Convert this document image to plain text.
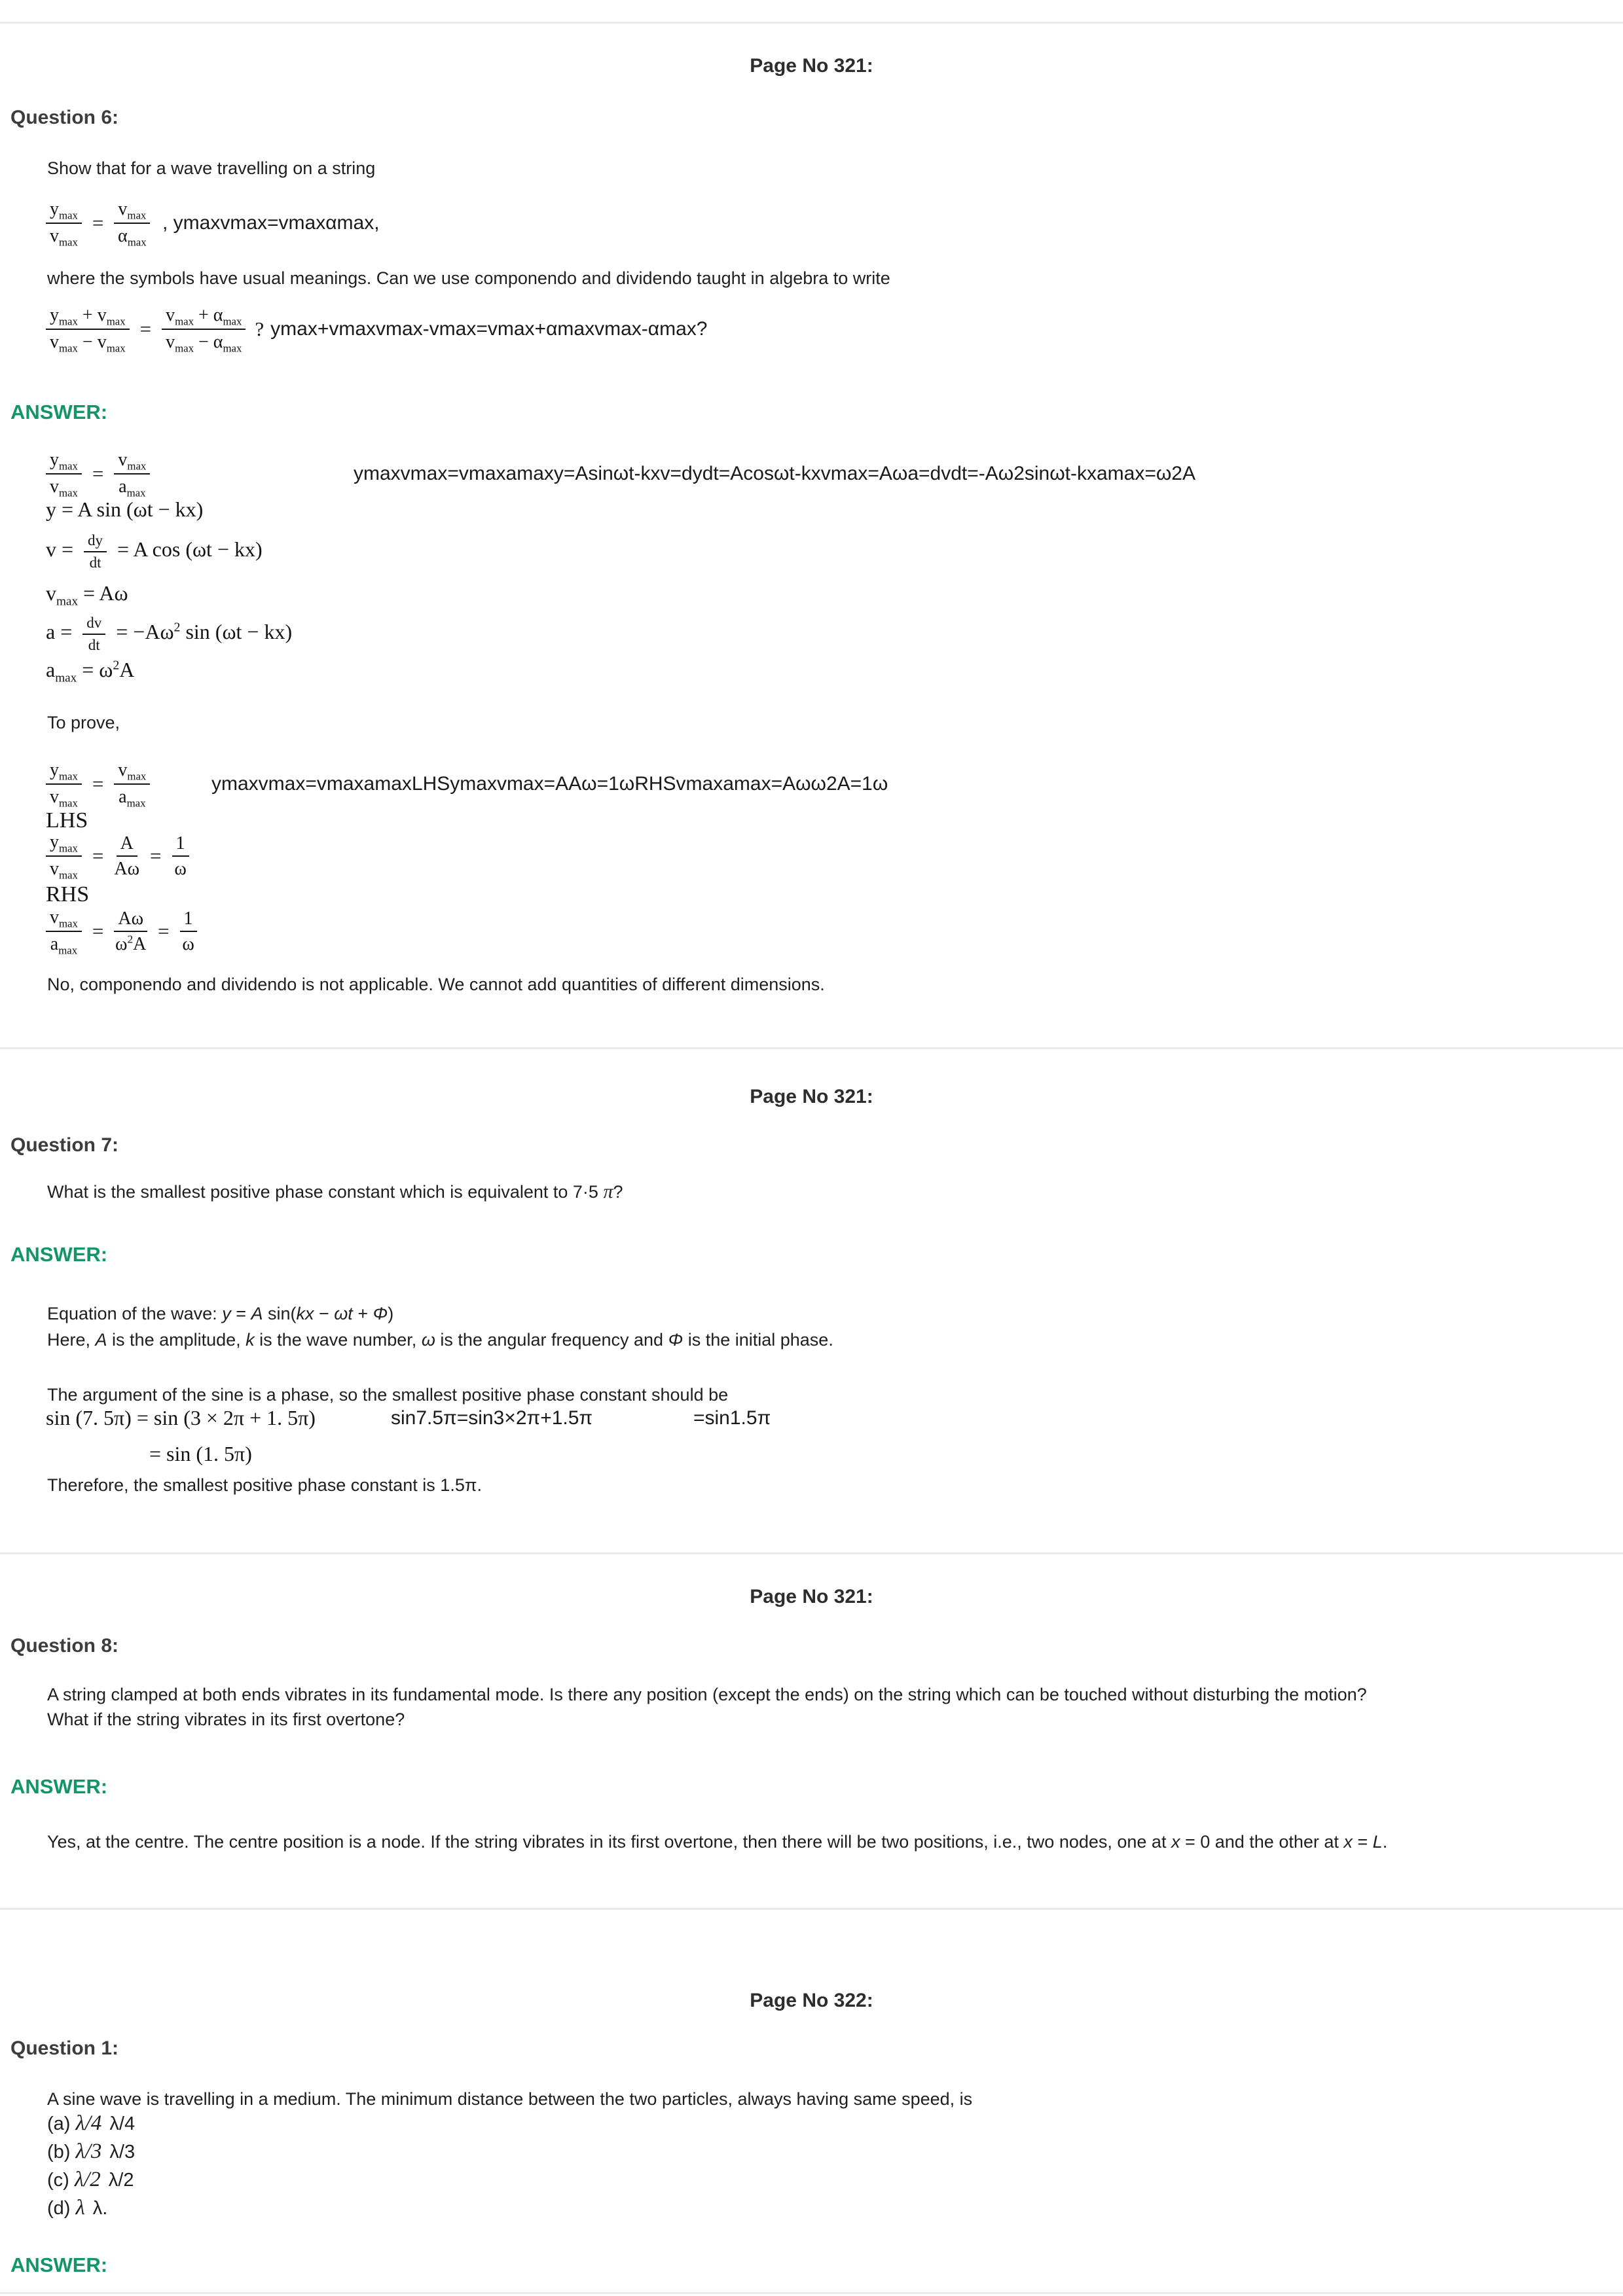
Page No 321:
Question 6:
Show that for a wave travelling on a string
$\frac{y_{max}}{v_{max}} = \frac{v_{max}}{\alpha_{max}}$ , ymaxvmax=vmaxαmax,
where the symbols have usual meanings. Can we use componendo and dividendo taught in algebra to write
$\frac{y_{max} + v_{max}}{v_{max} - v_{max}} = \frac{v_{max} + \alpha_{max}}{v_{max} - \alpha_{max}}$ ? ymax+vmaxvmax-vmax=vmax+αmaxvmax-αmax?
ANSWER:
$\frac{y_{max}}{v_{max}} = \frac{v_{max}}{a_{max}}$	ymaxvmax=vmaxamaxy=Asinωt-kxv=dydt=Acosωt-kxvmax=Aωa=dvdt=-Aω2sinωt-kxamax=ω2A
y = A sin (ωt − kx)
$v = \frac{dy}{dt} = A$ cos (ωt − kx)
$v_{max} = A\omega$
$a = \frac{dv}{dt} = -A\omega^2$ sin (ωt − kx)
$a_{max} = \omega^2A$
To prove,
$\frac{y_{max}}{v_{max}} = \frac{v_{max}}{a_{max}}$	ymaxvmax=vmaxamaxLHSymaxvmax=AAω=1ωRHSvmaxamax=Aωω2A=1ω
LHS
$\frac{y_{max}}{v_{max}} = \frac{A}{A\omega} = \frac{1}{\omega}$
RHS
$\frac{v_{max}}{a_{max}} = \frac{A\omega}{\omega^2A} = \frac{1}{\omega}$
No, componendo and dividendo is not applicable. We cannot add quantities of different dimensions.
Page No 321:
Question 7:
What is the smallest positive phase constant which is equivalent to 7·5 π?
ANSWER:
Equation of the wave: y = A sin(kx − ωt + Φ)
Here, A is the amplitude, k is the wave number, ω is the angular frequency and Φ is the initial phase.
The argument of the sine is a phase, so the smallest positive phase constant should be
sin (7. 5π) = sin (3 × 2π + 1. 5π)	sin7.5π=sin3×2π+1.5π	=sin1.5π
= sin (1. 5π)
Therefore, the smallest positive phase constant is 1.5π.
Page No 321:
Question 8:
A string clamped at both ends vibrates in its fundamental mode. Is there any position (except the ends) on the string which can be touched without disturbing the motion?
What if the string vibrates in its first overtone?
ANSWER:
Yes, at the centre. The centre position is a node. If the string vibrates in its first overtone, then there will be two positions, i.e., two nodes, one at x = 0 and the other at x = L.
Page No 322:
Question 1:
A sine wave is travelling in a medium. The minimum distance between the two particles, always having same speed, is
(a) λ/4 λ/4
(b) λ/3 λ/3
(c) λ/2 λ/2
(d) λ λ.
ANSWER:
